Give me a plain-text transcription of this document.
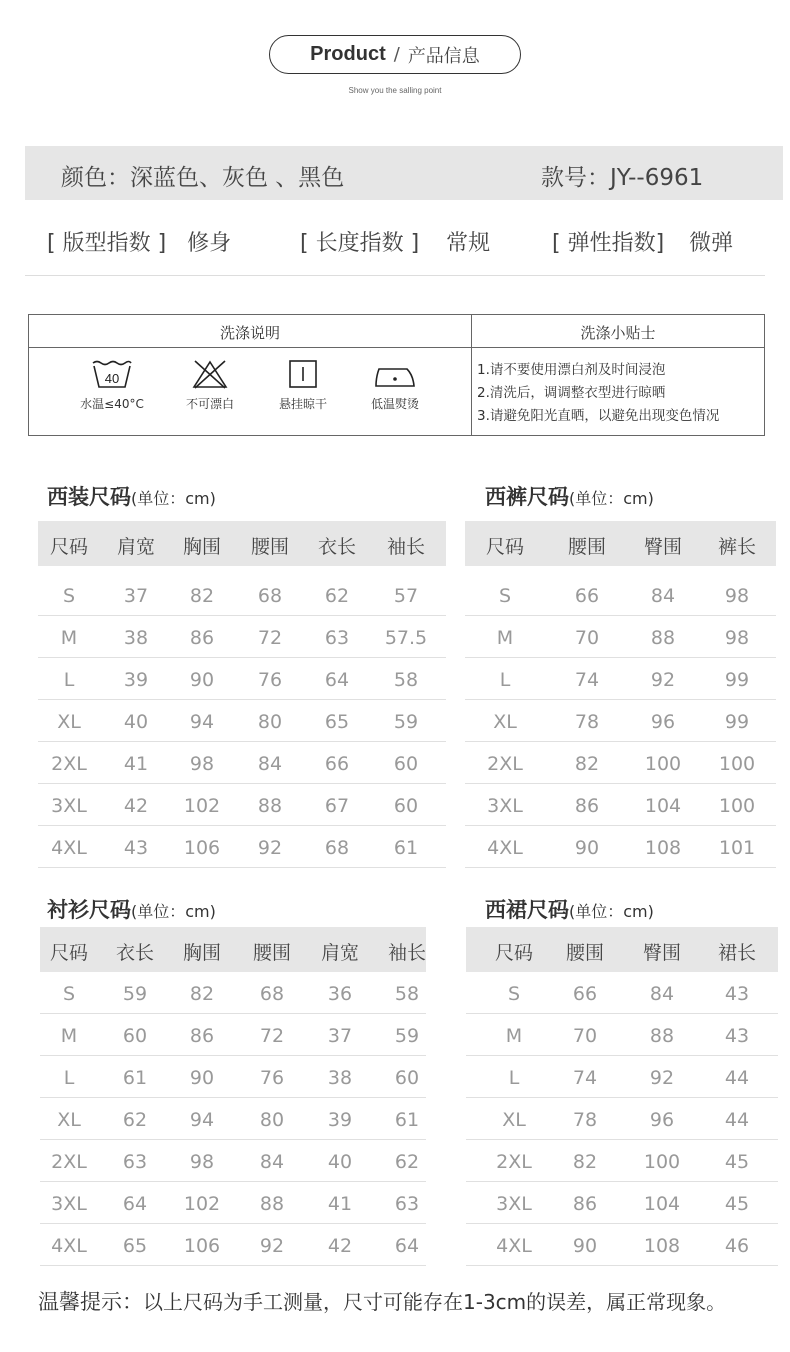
Product / 产品信息
Show you the salling point
颜色：深蓝色、灰色 、黑色	款号：JY--6961
[ 版型指数 ] 修身	[ 长度指数 ] 常规	[ 弹性指数] 微弹
洗涤说明	洗涤小贴士
40
水温≤40°C	不可漂白	悬挂晾干	低温熨烫
1.请不要使用漂白剂及时间浸泡
2.清洗后，调调整衣型进行晾晒
3.请避免阳光直晒，以避免出现变色情况
西装尺码(单位：cm)	西裤尺码(单位：cm)
衬衫尺码(单位：cm)	西裙尺码(单位：cm)
尺码 肩宽 胸围 腰围 衣长 袖长
S	37 82 68 62 57
M 38 86 72 63 57.5
L	39 90 76 64 58
XL 40 94 80 65 59
2XL 41 98 84 66 60
3XL 42 102 88 67 60
4XL 43 106 92 68 61
尺码 腰围 臀围 裤长
S	66	84	98
M	70	88	98
L	74	92	99
XL	78	96	99
2XL	82 100 100
3XL	86 104 100
4XL	90 108 101
尺码 衣长 胸围 腰围 肩宽 袖长
S	59 82 68 36 58
M 60 86 72 37 59
L	61 90 76 38 60
XL 62 94 80 39 61
2XL 63 98 84 40 62
3XL 64 102 88 41 63
4XL 65 106 92 42 64
尺码 腰围 臀围 裙长
S	66	84	43
M	70	88	43
L	74	92	44
XL 78	96	44
2XL 82 100 45
3XL 86 104 45
4XL 90 108 46
温馨提示：以上尺码为手工测量，尺寸可能存在1-3cm的误差，属正常现象。
